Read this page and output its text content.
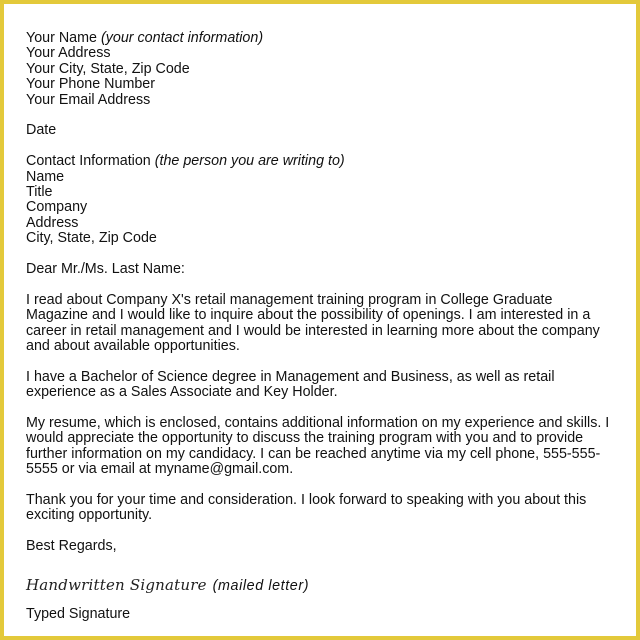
Your Name (your contact information)
Your Address
Your City, State, Zip Code
Your Phone Number
Your Email Address
Date
Contact Information (the person you are writing to)
Name
Title
Company
Address
City, State, Zip Code
Dear Mr./Ms. Last Name:
I read about Company X's retail management training program in College Graduate Magazine and I would like to inquire about the possibility of openings. I am interested in a career in retail management and I would be interested in learning more about the company and about available opportunities.
I have a Bachelor of Science degree in Management and Business, as well as retail experience as a Sales Associate and Key Holder.
My resume, which is enclosed, contains additional information on my experience and skills. I would appreciate the opportunity to discuss the training program with you and to provide further information on my candidacy. I can be reached anytime via my cell phone, 555-555-5555 or via email at myname@gmail.com.
Thank you for your time and consideration. I look forward to speaking with you about this exciting opportunity.
Best Regards,
Handwritten Signature (mailed letter)
Typed Signature
